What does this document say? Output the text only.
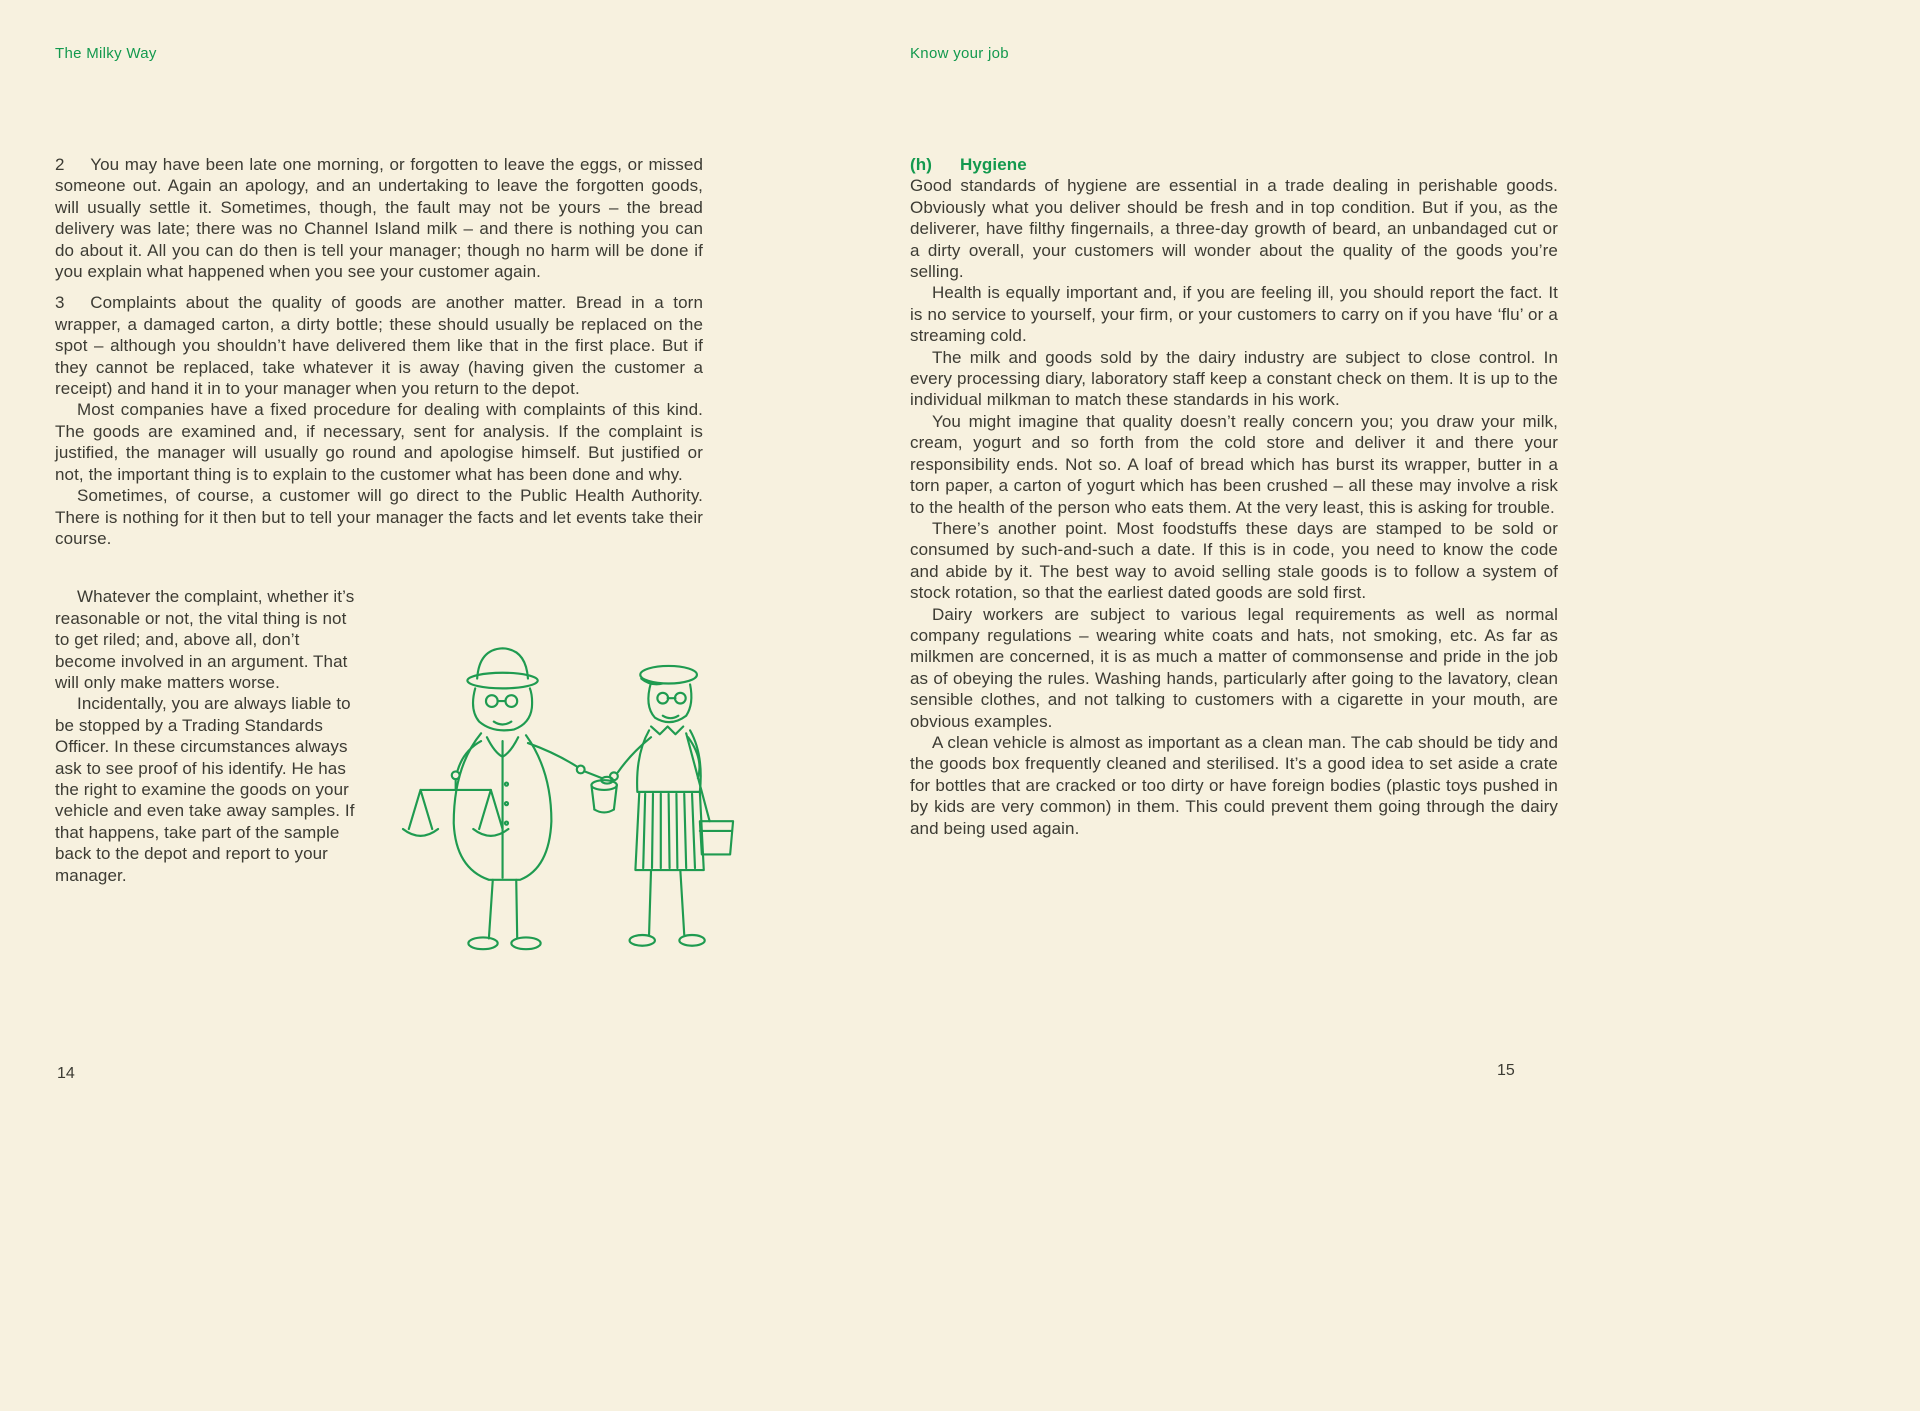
The Milky Way

2  You may have been late one morning, or forgotten to leave the eggs, or missed someone out. Again an apology, and an undertaking to leave the forgotten goods, will usually settle it. Sometimes, though, the fault may not be yours – the bread delivery was late; there was no Channel Island milk – and there is nothing you can do about it. All you can do then is tell your manager; though no harm will be done if you explain what happened when you see your customer again.

3  Complaints about the quality of goods are another matter. Bread in a torn wrapper, a damaged carton, a dirty bottle; these should usually be replaced on the spot – although you shouldn’t have delivered them like that in the first place. But if they cannot be replaced, take whatever it is away (having given the customer a receipt) and hand it in to your manager when you return to the depot.

Most companies have a fixed procedure for dealing with complaints of this kind. The goods are examined and, if necessary, sent for analysis. If the complaint is justified, the manager will usually go round and apologise himself. But justified or not, the important thing is to explain to the customer what has been done and why.

Sometimes, of course, a customer will go direct to the Public Health Authority. There is nothing for it then but to tell your manager the facts and let events take their course.

Whatever the complaint, whether it’s reasonable or not, the vital thing is not to get riled; and, above all, don’t become involved in an argument. That will only make matters worse.

Incidentally, you are always liable to be stopped by a Trading Standards Officer. In these circumstances always ask to see proof of his identify. He has the right to examine the goods on your vehicle and even take away samples. If that happens, take part of the sample back to the depot and report to your manager.

Know your job
(h)	Hygiene

Good standards of hygiene are essential in a trade dealing in perishable goods. Obviously what you deliver should be fresh and in top condition. But if you, as the deliverer, have filthy fingernails, a three-day growth of beard, an unbandaged cut or a dirty overall, your customers will wonder about the quality of the goods you’re selling.

Health is equally important and, if you are feeling ill, you should report the fact. It is no service to yourself, your firm, or your customers to carry on if you have ‘flu’ or a streaming cold.

The milk and goods sold by the dairy industry are subject to close control. In every processing diary, laboratory staff keep a constant check on them. It is up to the individual milkman to match these standards in his work.

You might imagine that quality doesn’t really concern you; you draw your milk, cream, yogurt and so forth from the cold store and deliver it and there your responsibility ends. Not so. A loaf of bread which has burst its wrapper, butter in a torn paper, a carton of yogurt which has been crushed – all these may involve a risk to the health of the person who eats them. At the very least, this is asking for trouble.

There’s another point. Most foodstuffs these days are stamped to be sold or consumed by such-and-such a date. If this is in code, you need to know the code and abide by it. The best way to avoid selling stale goods is to follow a system of stock rotation, so that the earliest dated goods are sold first.

Dairy workers are subject to various legal requirements as well as normal company regulations – wearing white coats and hats, not smoking, etc. As far as milkmen are concerned, it is as much a matter of commonsense and pride in the job as of obeying the rules. Washing hands, particularly after going to the lavatory, clean sensible clothes, and not talking to customers with a cigarette in your mouth, are obvious examples.

A clean vehicle is almost as important as a clean man. The cab should be tidy and the goods box frequently cleaned and sterilised. It’s a good idea to set aside a crate for bottles that are cracked or too dirty or have foreign bodies (plastic toys pushed in by kids are very common) in them. This could prevent them going through the dairy and being used again.

14	15
